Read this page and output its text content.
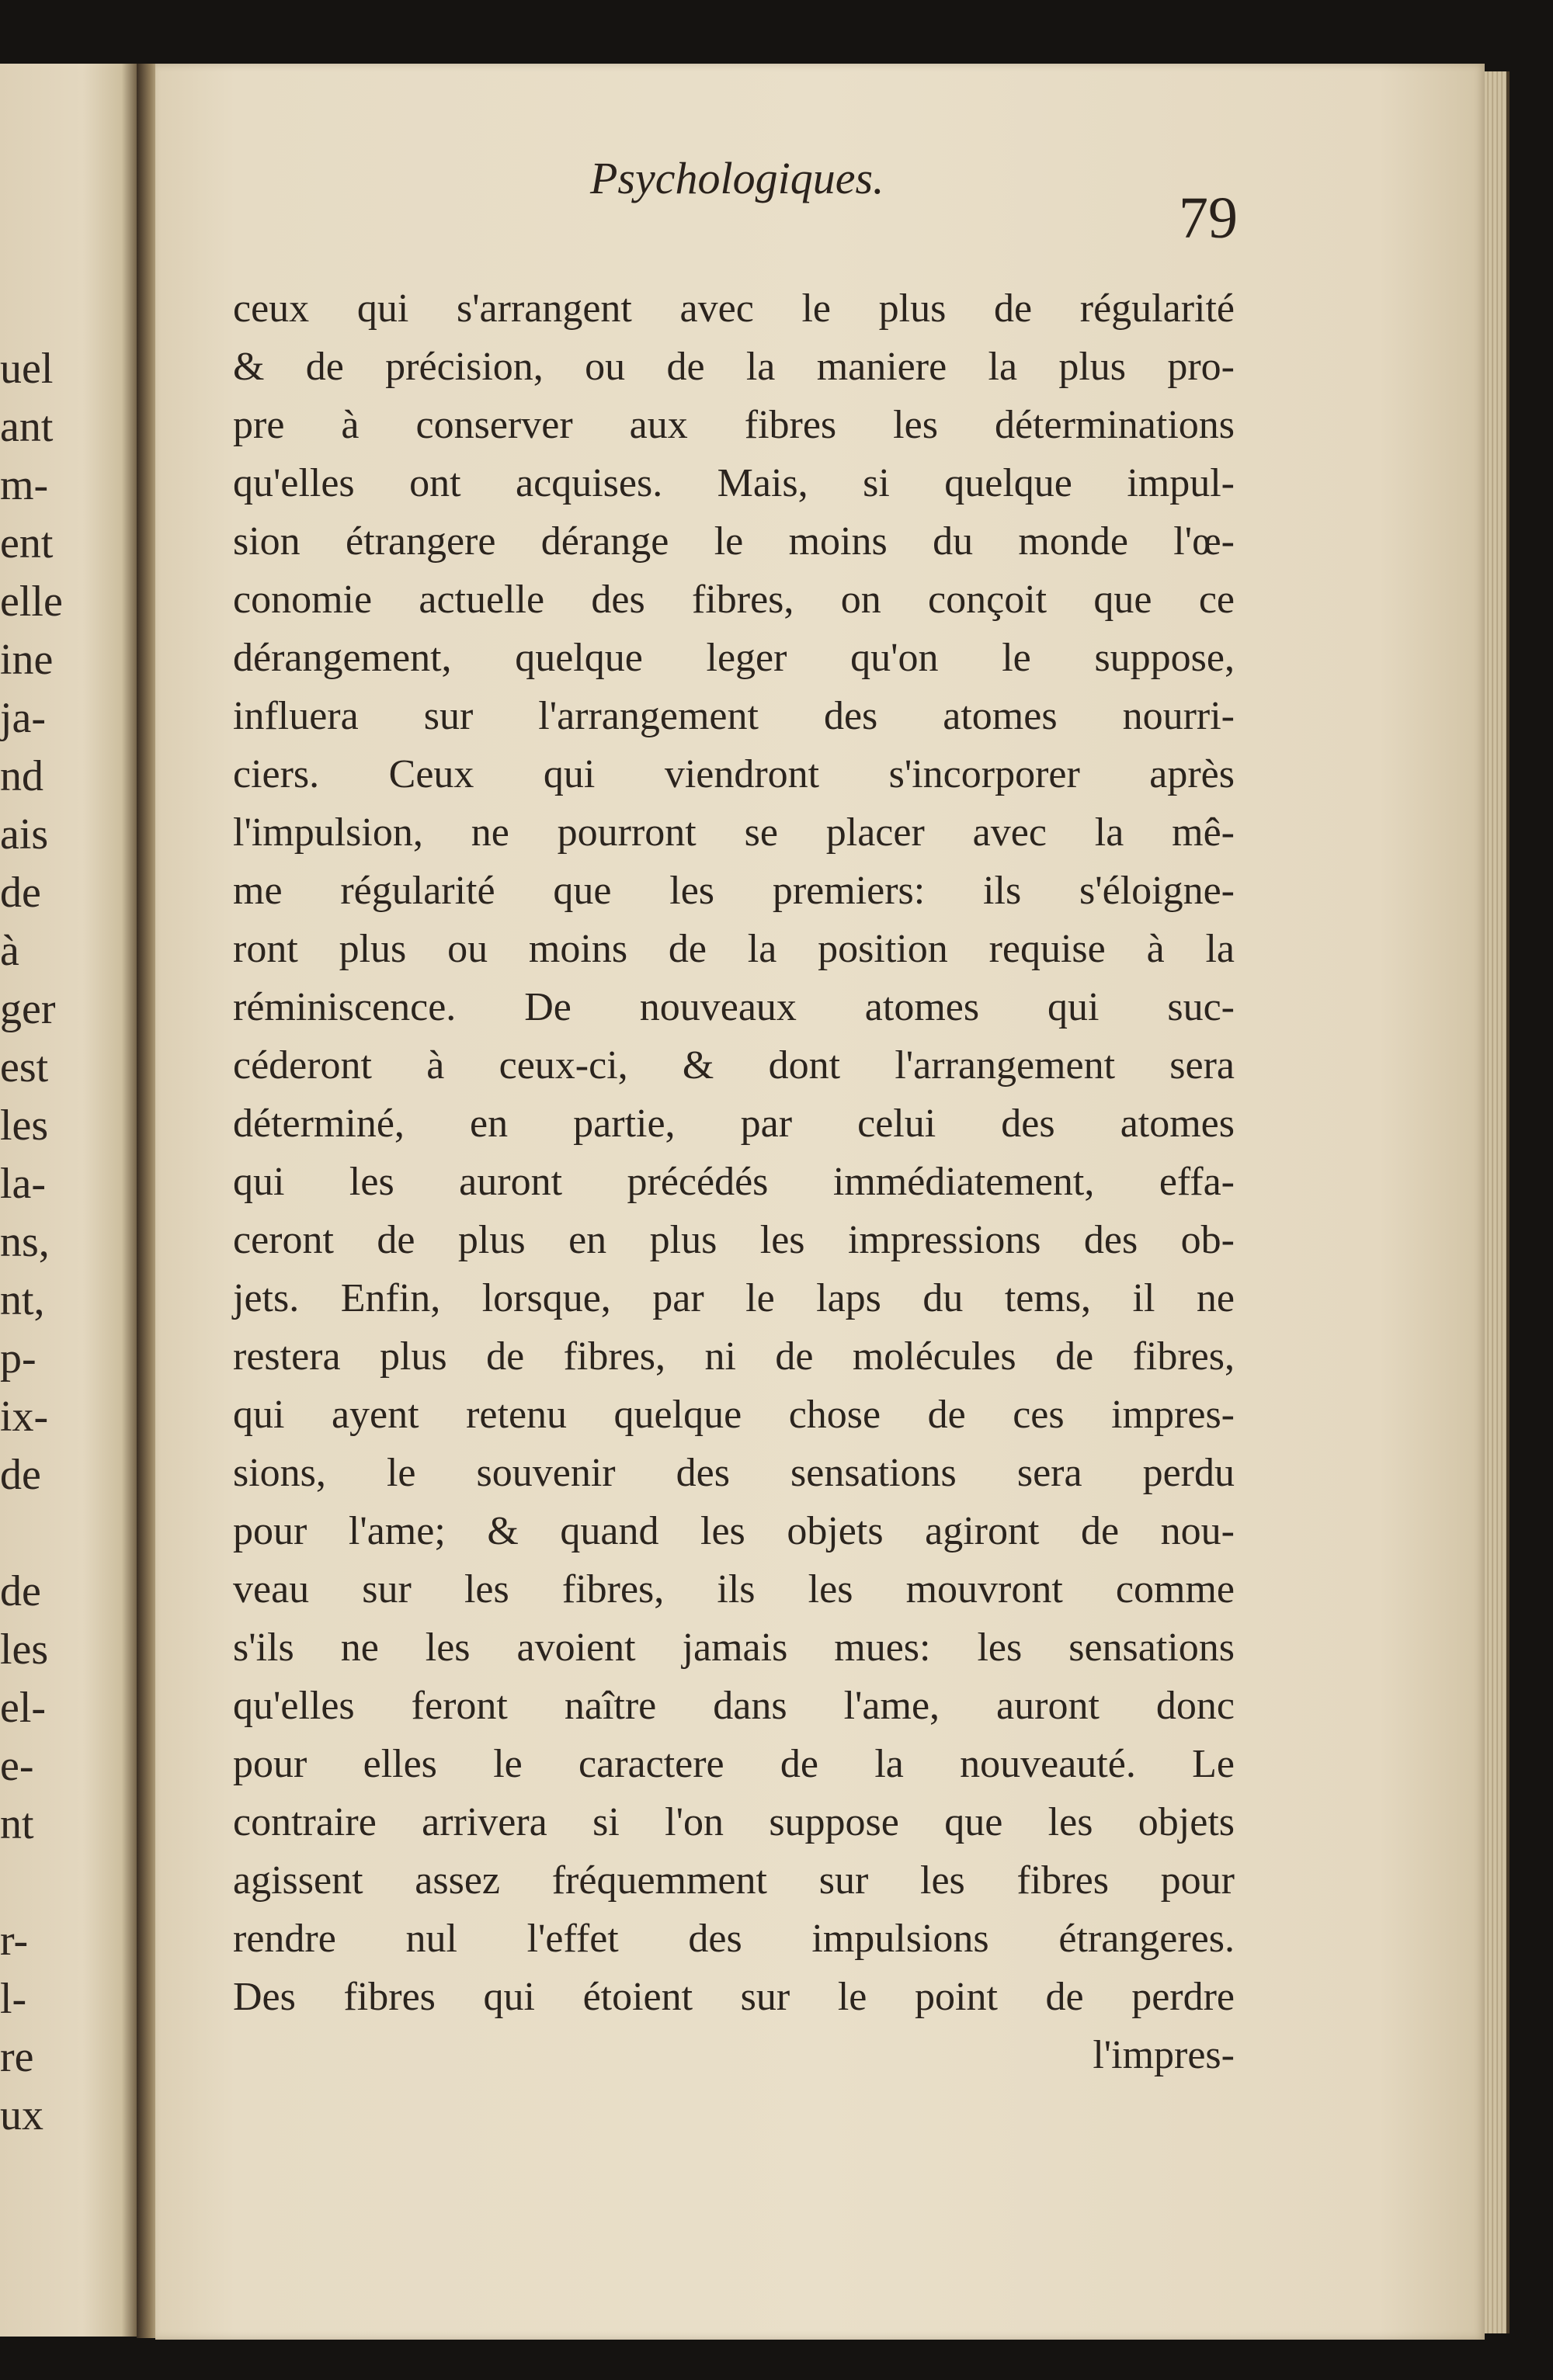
uel
ant
m-
ent
elle
ine
ja-
nd
ais
de
à
ger
est
les
la-
ns,
nt,
p-
ix-
de
de
les
el-
e-
nt
r-
l-
re
ux
Psychologiques.
79
ceux qui s'arrangent avec le plus de régularité
& de précision, ou de la maniere la plus pro-
pre à conserver aux fibres les déterminations
qu'elles ont acquises. Mais, si quelque impul-
sion étrangere dérange le moins du monde l'œ-
conomie actuelle des fibres, on conçoit que ce
dérangement, quelque leger qu'on le suppose,
influera sur l'arrangement des atomes nourri-
ciers. Ceux qui viendront s'incorporer après
l'impulsion, ne pourront se placer avec la mê-
me régularité que les premiers: ils s'éloigne-
ront plus ou moins de la position requise à la
réminiscence. De nouveaux atomes qui suc-
céderont à ceux-ci, & dont l'arrangement sera
déterminé, en partie, par celui des atomes
qui les auront précédés immédiatement, effa-
ceront de plus en plus les impressions des ob-
jets. Enfin, lorsque, par le laps du tems, il ne
restera plus de fibres, ni de molécules de fibres,
qui ayent retenu quelque chose de ces impres-
sions, le souvenir des sensations sera perdu
pour l'ame; & quand les objets agiront de nou-
veau sur les fibres, ils les mouvront comme
s'ils ne les avoient jamais mues: les sensations
qu'elles feront naître dans l'ame, auront donc
pour elles le caractere de la nouveauté. Le
contraire arrivera si l'on suppose que les objets
agissent assez fréquemment sur les fibres pour
rendre nul l'effet des impulsions étrangeres.
Des fibres qui étoient sur le point de perdre
l'impres-
